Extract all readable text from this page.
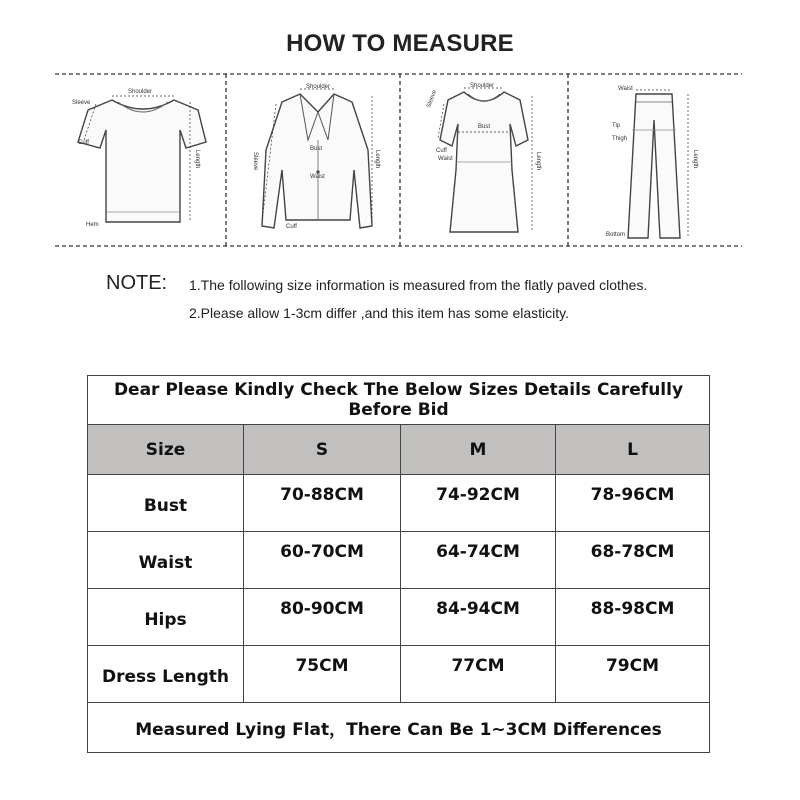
HOW TO MEASURE
Shoulder
Sleeve
Cuff
Hem
Length
Shoulder
Bust
Waist
Cuff
Sleeve	Length
Shoulder
Bust
Cuff
Waist
Sleeve
Length
Waist
Tip
Thigh
Bottom
Length
NOTE: 1.The following size information is measured from the flatly paved clothes.
2.Please allow 1-3cm differ ,and this item has some elasticity.
Dear Please Kindly Check The Below Sizes Details Carefully Before Bid			
Size	S	M	L
Bust	70-88CM	74-92CM	78-96CM
Waist	60-70CM	64-74CM	68-78CM
Hips	80-90CM	84-94CM	88-98CM
Dress Length	75CM	77CM	79CM
Measured Lying Flat，There Can Be 1~3CM Differences			
